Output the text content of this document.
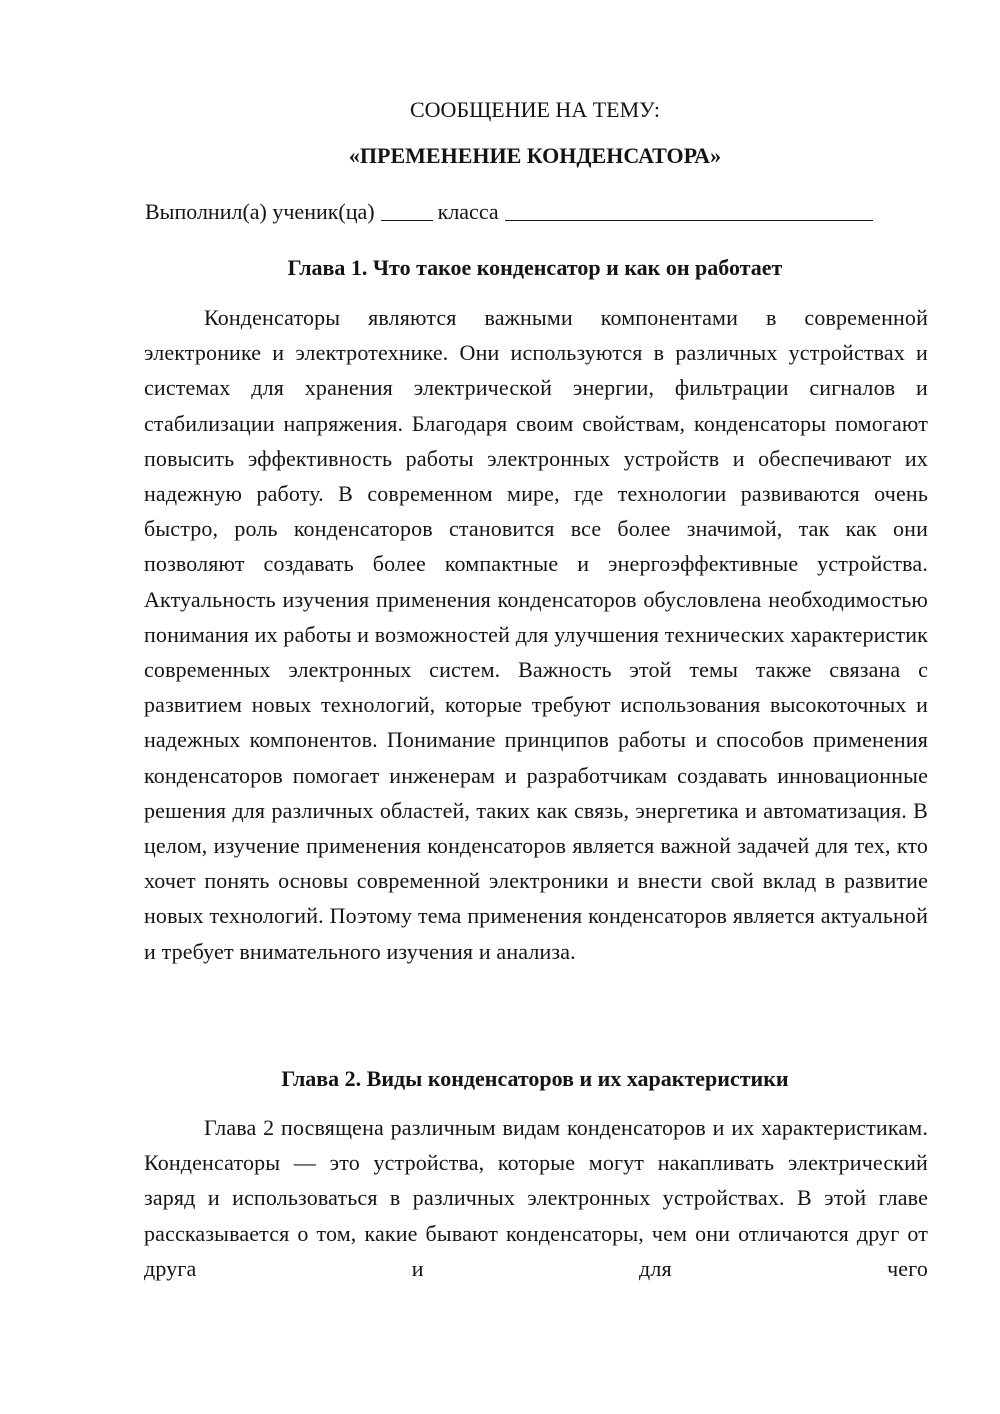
СООБЩЕНИЕ НА ТЕМУ:
«ПРЕМЕНЕНИЕ КОНДЕНСАТОРА»
Выполнил(а) ученик(ца)	класса
Глава 1. Что такое конденсатор и как он работает

Конденсаторы являются важными компонентами в современной электронике и электротехнике. Они используются в различных устройствах и системах для хранения электрической энергии, фильтрации сигналов и стабилизации напряжения. Благодаря своим свойствам, конденсаторы помогают повысить эффективность работы электронных устройств и обеспечивают их надежную работу. В современном мире, где технологии развиваются очень быстро, роль конденсаторов становится все более значимой, так как они позволяют создавать более компактные и энергоэффективные устройства. Актуальность изучения применения конденсаторов обусловлена необходимостью понимания их работы и возможностей для улучшения технических характеристик современных электронных систем. Важность этой темы также связана с развитием новых технологий, которые требуют использования высокоточных и надежных компонентов. Понимание принципов работы и способов применения конденсаторов помогает инженерам и разработчикам создавать инновационные решения для различных областей, таких как связь, энергетика и автоматизация. В целом, изучение применения конденсаторов является важной задачей для тех, кто хочет понять основы современной электроники и внести свой вклад в развитие новых технологий. Поэтому тема применения конденсаторов является актуальной и требует внимательного изучения и анализа.

Глава 2. Виды конденсаторов и их характеристики

Глава 2 посвящена различным видам конденсаторов и их характеристикам. Конденсаторы — это устройства, которые могут накапливать электрический заряд и использоваться в различных электронных устройствах. В этой главе рассказывается о том, какие бывают конденсаторы, чем они отличаются друг от друга и для чего
